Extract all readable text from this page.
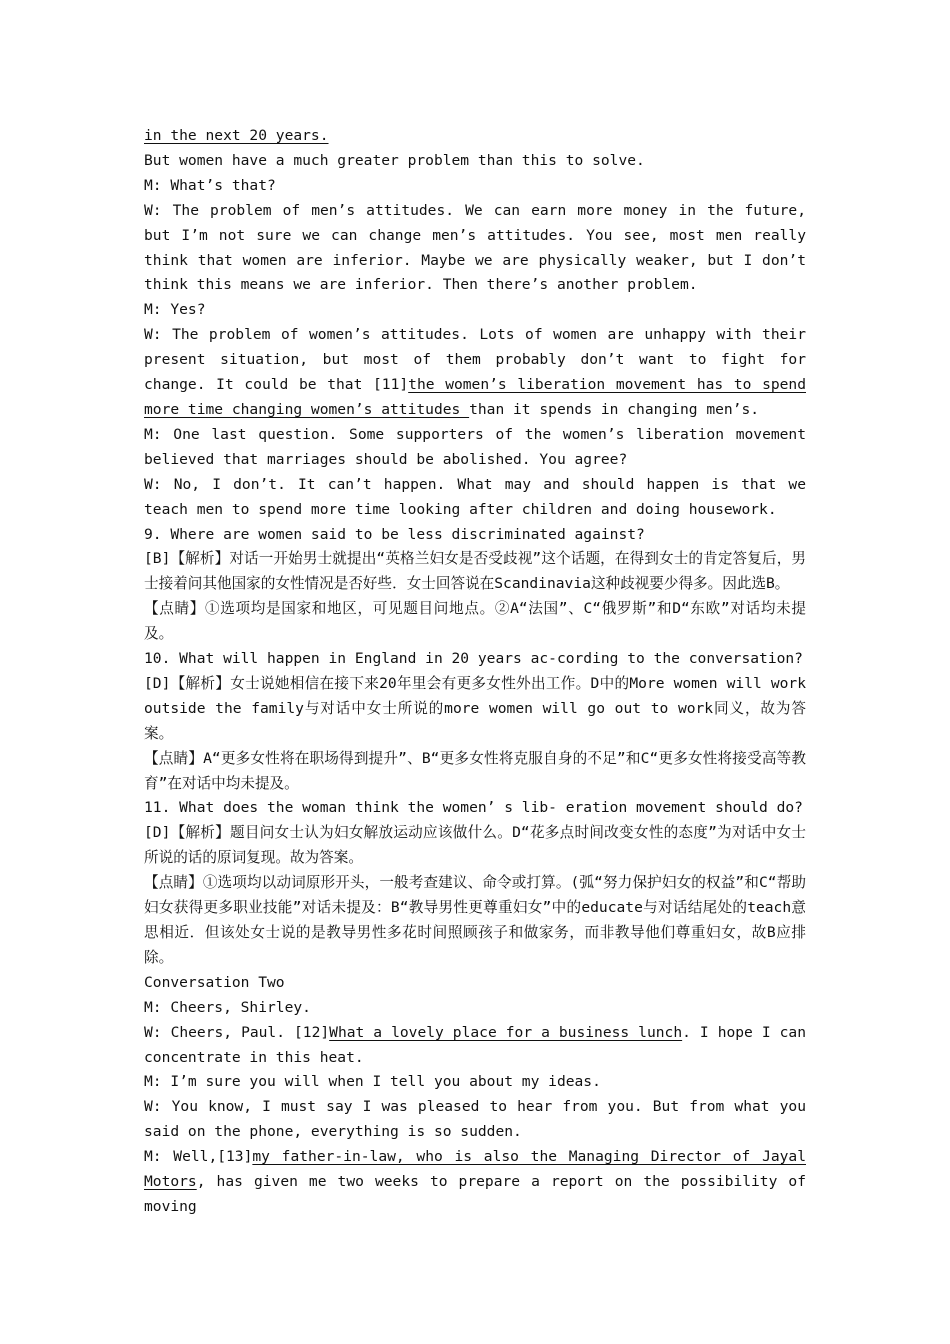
in the next 20 years.

But women have a much greater problem than this to solve.

M: What’s that?

W: The problem of men’s attitudes. We can earn more money in the future, but I’m not sure we can change men’s attitudes. You see, most men really think that women are inferior. Maybe we are physically weaker, but I don’t think this means we are inferior. Then there’s another problem.

M: Yes?

W: The problem of women’s attitudes. Lots of women are unhappy with their present situation, but most of them probably don’t want to fight for change. It could be that [11]the women’s liberation movement has to spend more time changing women’s attitudes than it spends in changing men’s.

M: One last question. Some supporters of the women’s liberation movement believed that marriages should be abolished. You agree?

W: No, I don’t. It can’t happen. What may and should happen is that we teach men to spend more time looking after children and doing housework.

9. Where are women said to be less discriminated against?

[B]【解析】对话一开始男士就提出“英格兰妇女是否受歧视”这个话题，在得到女士的肯定答复后，男士接着问其他国家的女性情况是否好些．女士回答说在Scandinavia这种歧视要少得多。因此选B。

【点睛】①选项均是国家和地区，可见题目问地点。②A“法国”、C“俄罗斯”和D“东欧”对话均未提及。

10. What will happen in England in 20 years ac-cording to the conversation?

[D]【解析】女士说她相信在接下来20年里会有更多女性外出工作。D中的More women will work outside the family与对话中女士所说的more women will go out to work同义，故为答案。

【点睛】A“更多女性将在职场得到提升”、B“更多女性将克服自身的不足”和C“更多女性将接受高等教育”在对话中均未提及。

11. What does the woman think the women’ s lib- eration movement should do?

[D]【解析】题目问女士认为妇女解放运动应该做什么。D“花多点时间改变女性的态度”为对话中女士所说的话的原词复现。故为答案。

【点睛】①选项均以动词原形开头，一般考查建议、命令或打算。(弧“努力保护妇女的权益”和C“帮助妇女获得更多职业技能”对话未提及：B“教导男性更尊重妇女”中的educate与对话结尾处的teach意思相近．但该处女士说的是教导男性多花时间照顾孩子和做家务，而非教导他们尊重妇女，故B应排除。

Conversation Two

M: Cheers, Shirley.

W: Cheers, Paul. [12]What a lovely place for a business lunch. I hope I can concentrate in this heat.

M: I’m sure you will when I tell you about my ideas.

W: You know, I must say I was pleased to hear from you. But from what you said on the phone, everything is so sudden.

M: Well,[13]my father-in-law, who is also the Managing Director of Jayal Motors, has given me two weeks to prepare a report on the possibility of moving
